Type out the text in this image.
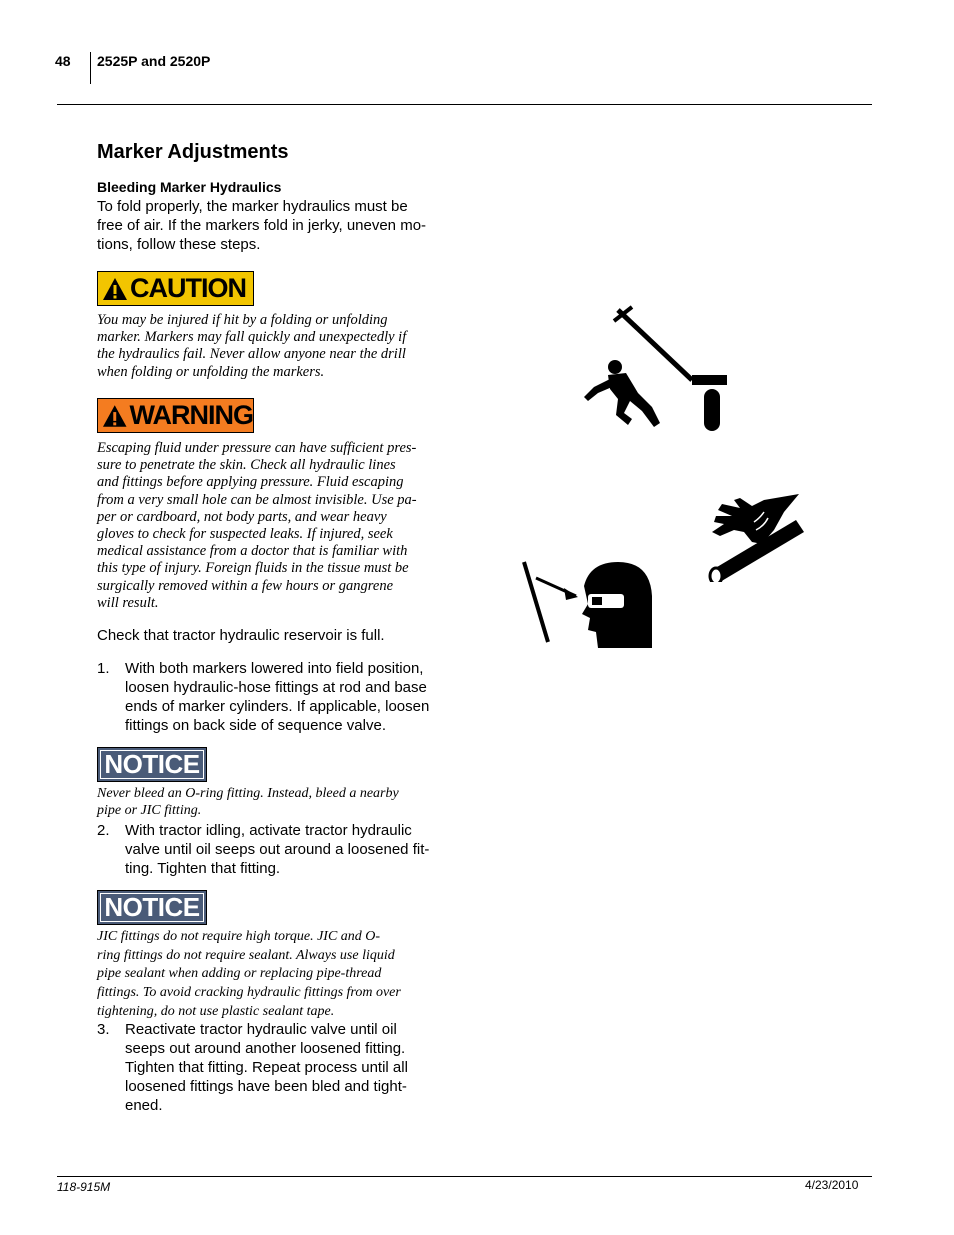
48 2525P and 2520P
Marker Adjustments
Bleeding Marker Hydraulics
To fold properly, the marker hydraulics must be
free of air. If the markers fold in jerky, uneven mo-
tions, follow these steps.
CAUTION
You may be injured if hit by a folding or unfolding
marker. Markers may fall quickly and unexpectedly if
the hydraulics fail. Never allow anyone near the drill
when folding or unfolding the markers.
WARNING
Escaping fluid under pressure can have sufficient pres-
sure to penetrate the skin. Check all hydraulic lines
and fittings before applying pressure. Fluid escaping
from a very small hole can be almost invisible. Use pa-
per or cardboard, not body parts, and wear heavy
gloves to check for suspected leaks. If injured, seek
medical assistance from a doctor that is familiar with
this type of injury. Foreign fluids in the tissue must be
surgically removed within a few hours or gangrene
will result.
Check that tractor hydraulic reservoir is full.
1. With both markers lowered into field position,
loosen hydraulic-hose fittings at rod and base
ends of marker cylinders. If applicable, loosen
fittings on back side of sequence valve.
NOTICE
Never bleed an O-ring fitting. Instead, bleed a nearby
pipe or JIC fitting.
2. With tractor idling, activate tractor hydraulic
valve until oil seeps out around a loosened fit-
ting. Tighten that fitting.
NOTICE
JIC fittings do not require high torque. JIC and O-
ring fittings do not require sealant. Always use liquid
pipe sealant when adding or replacing pipe-thread
fittings. To avoid cracking hydraulic fittings from over
tightening, do not use plastic sealant tape.
3. Reactivate tractor hydraulic valve until oil
seeps out around another loosened fitting.
Tighten that fitting. Repeat process until all
loosened fittings have been bled and tight-
ened.
118-915M	4/23/2010
